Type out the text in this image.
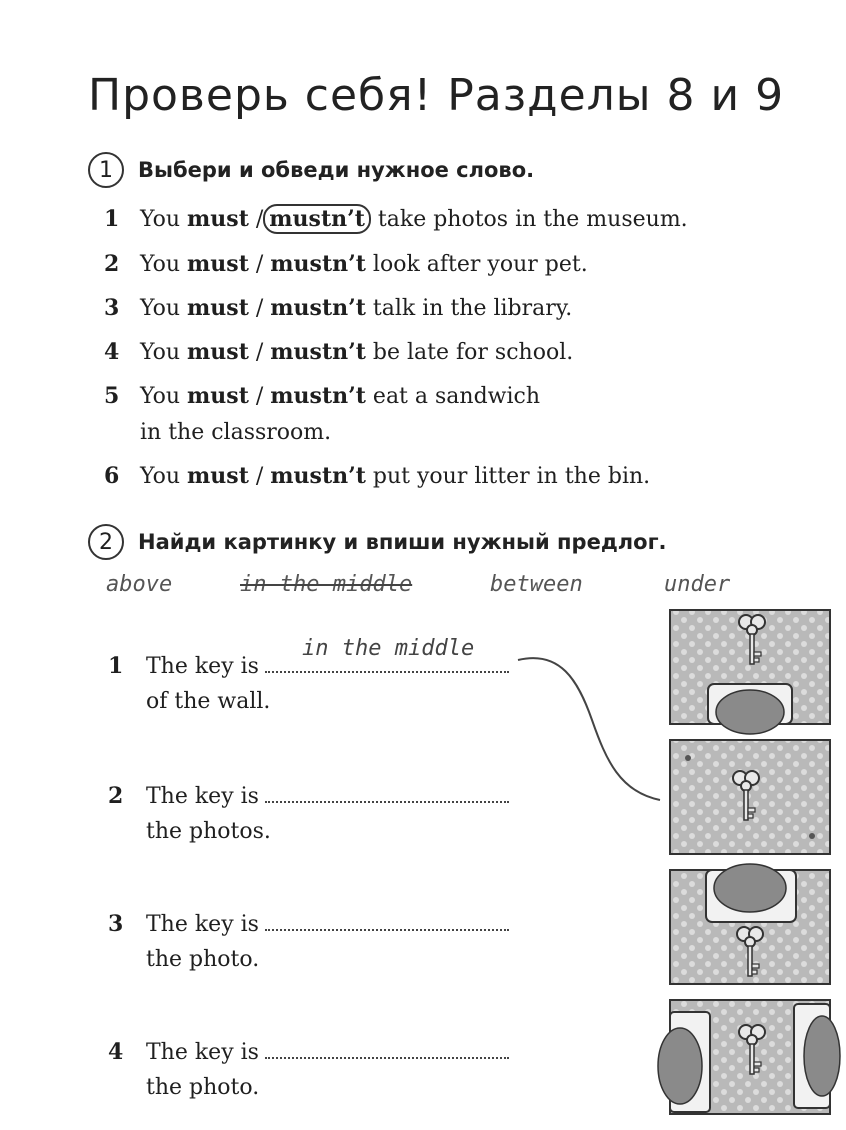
Проверь себя! Разделы 8 и 9
1	Выбери и обведи нужное слово.
1 You must / mustn’t take photos in the museum.
2 You must / mustn’t look after your pet.
3 You must / mustn’t talk in the library.
4 You must / mustn’t be late for school.
5 You must / mustn’t eat a sandwich
in the classroom.
6 You must / mustn’t put your litter in the bin.
2	Найди картинку и впиши нужный предлог.
above	in the middle	between	under
1 The key is
in the middle
of the wall.
2 The key is
the photos.
3 The key is
the photo.
4 The key is
the photo.
